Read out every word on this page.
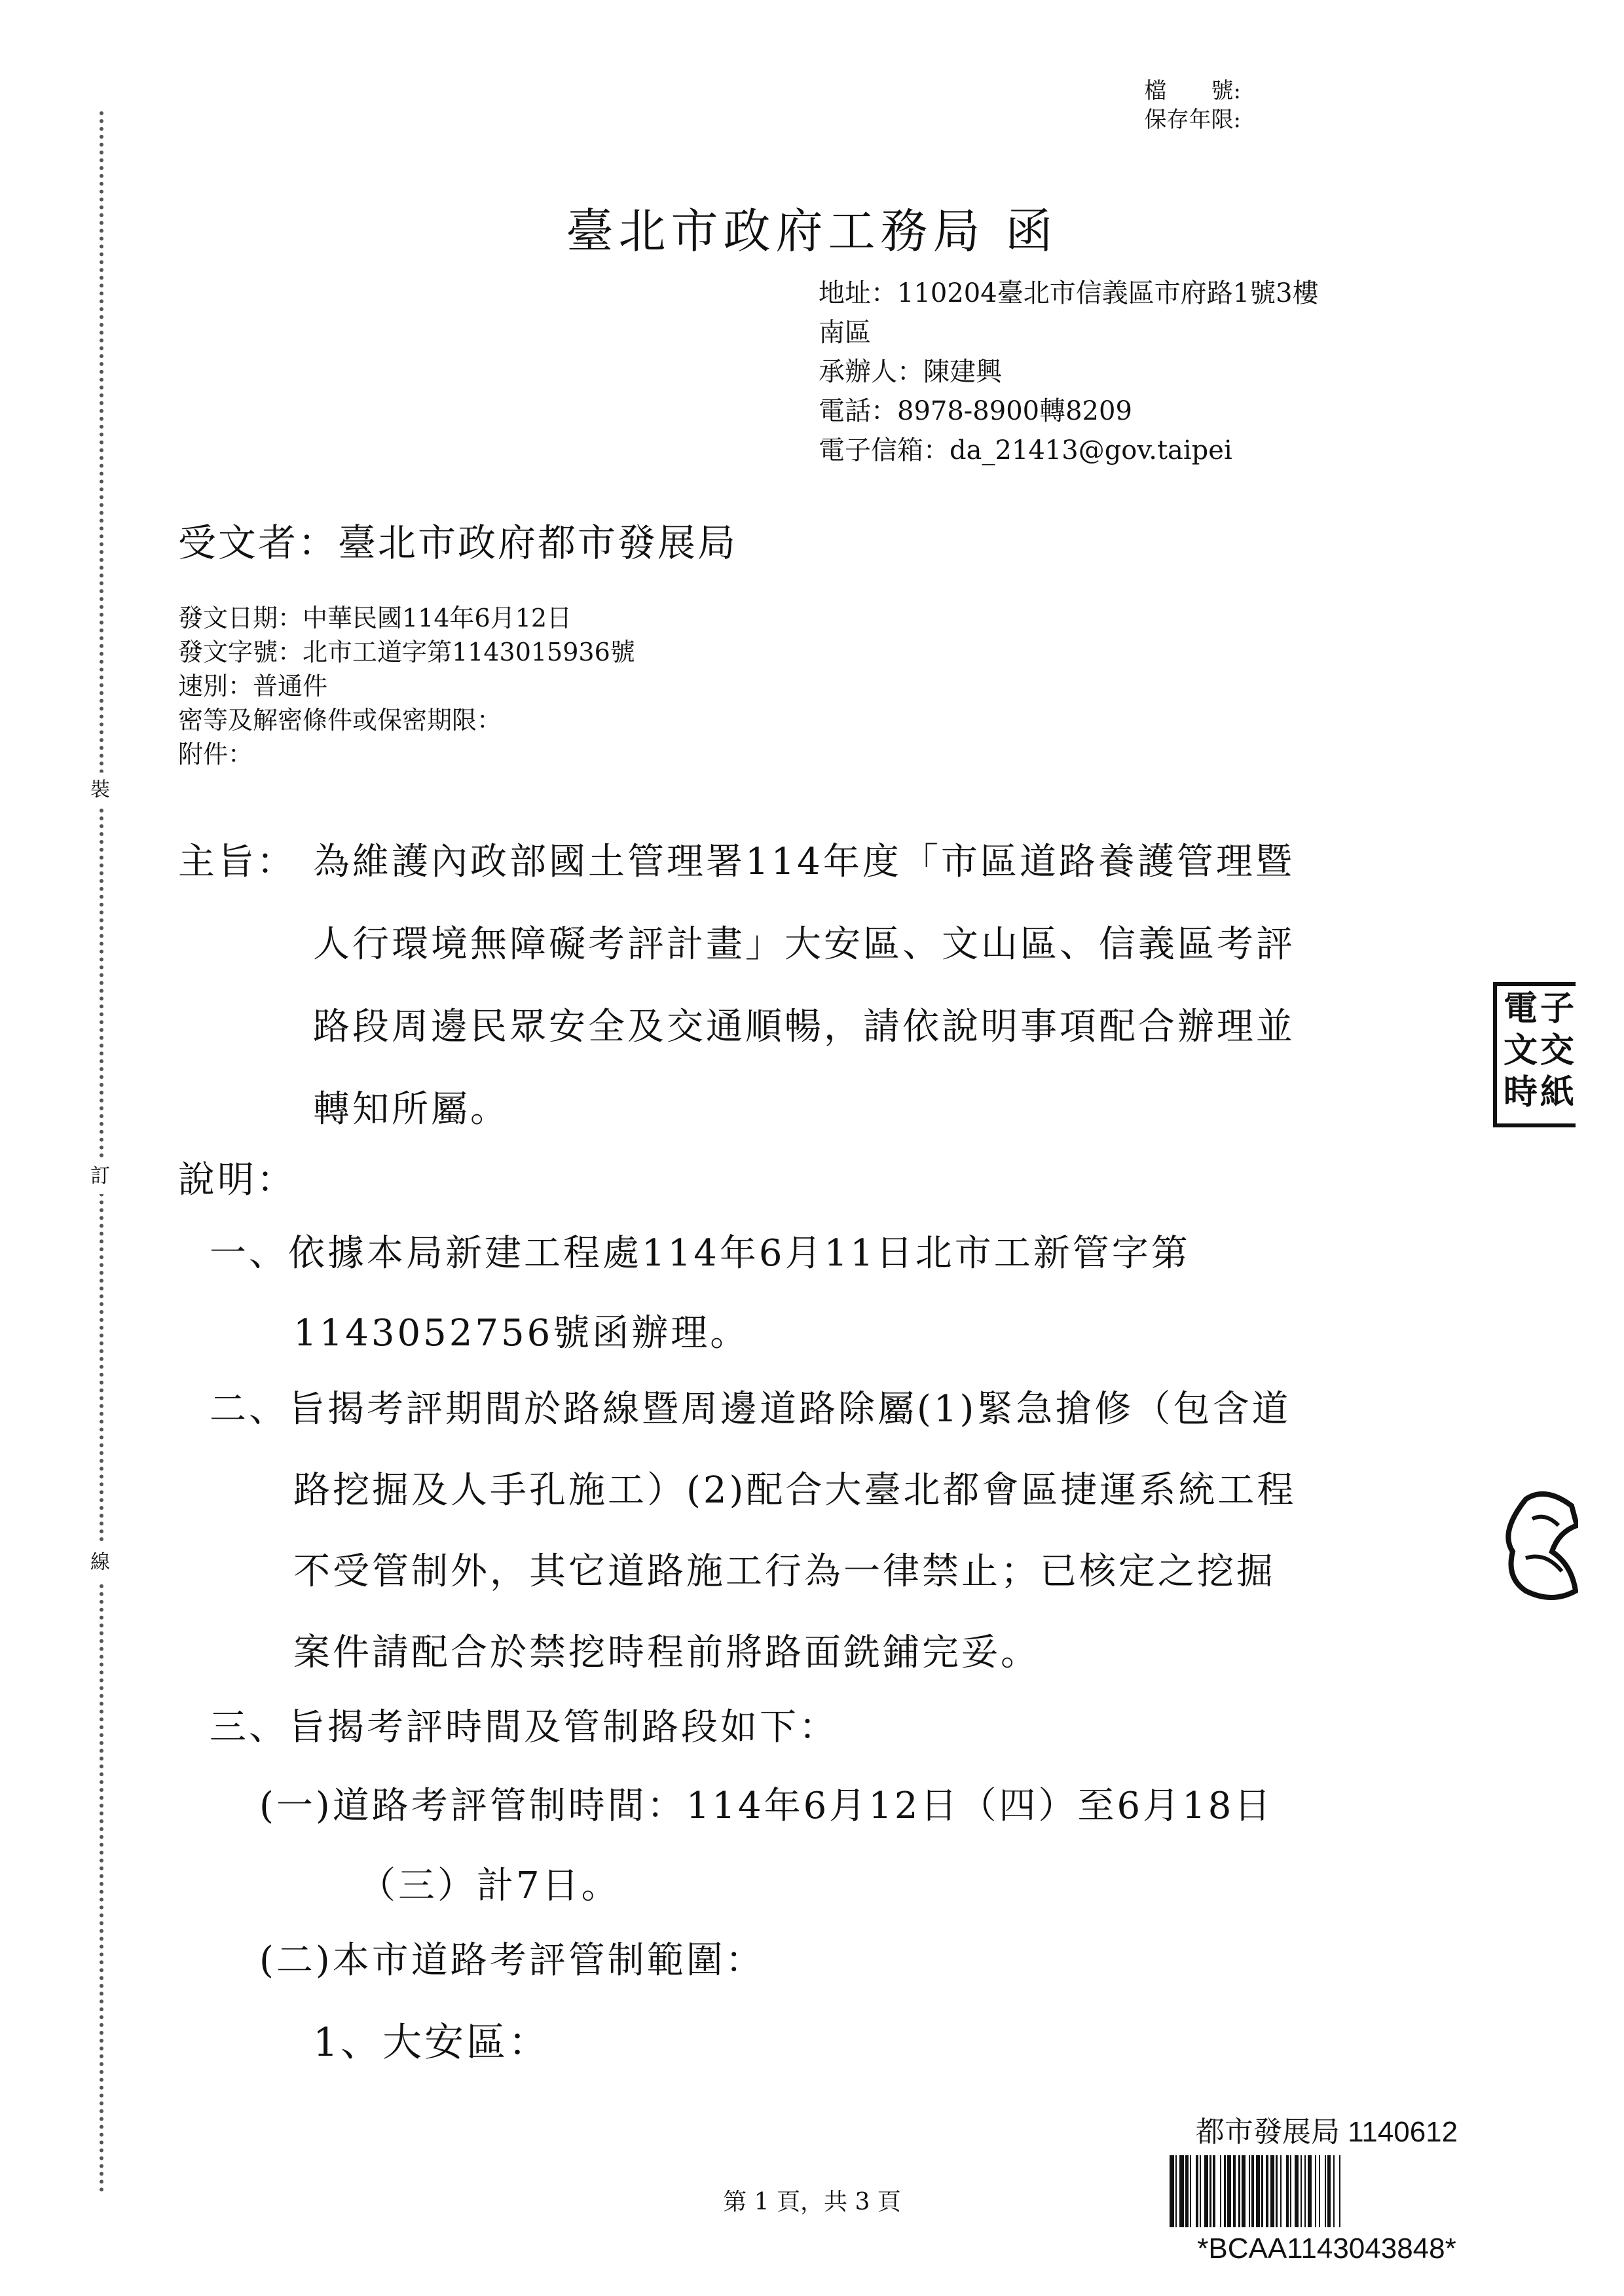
裝
訂
線
檔　　號:
保存年限:
臺北市政府工務局 函
地址：110204臺北市信義區市府路1號3樓
南區
承辦人：陳建興
電話：8978-8900轉8209
電子信箱：da_21413@gov.taipei
受文者：臺北市政府都市發展局
發文日期：中華民國114年6月12日
發文字號：北市工道字第1143015936號
速別：普通件
密等及解密條件或保密期限：
附件：
主旨： 為維護內政部國土管理署114年度「市區道路養護管理暨
人行環境無障礙考評計畫」大安區、文山區、信義區考評
路段周邊民眾安全及交通順暢，請依說明事項配合辦理並
轉知所屬。
說明：
一、依據本局新建工程處114年6月11日北市工新管字第
1143052756號函辦理。
二、旨揭考評期間於路線暨周邊道路除屬(1)緊急搶修（包含道
路挖掘及人手孔施工）(2)配合大臺北都會區捷運系統工程
不受管制外，其它道路施工行為一律禁止；已核定之挖掘
案件請配合於禁挖時程前將路面銑鋪完妥。
三、旨揭考評時間及管制路段如下：
(一)道路考評管制時間：114年6月12日（四）至6月18日
（三）計7日。
(二)本市道路考評管制範圍：
1、大安區：
第 1 頁，共 3 頁
都市發展局 1140612
*BCAA1143043848*
電 子
文 交
時 紙
